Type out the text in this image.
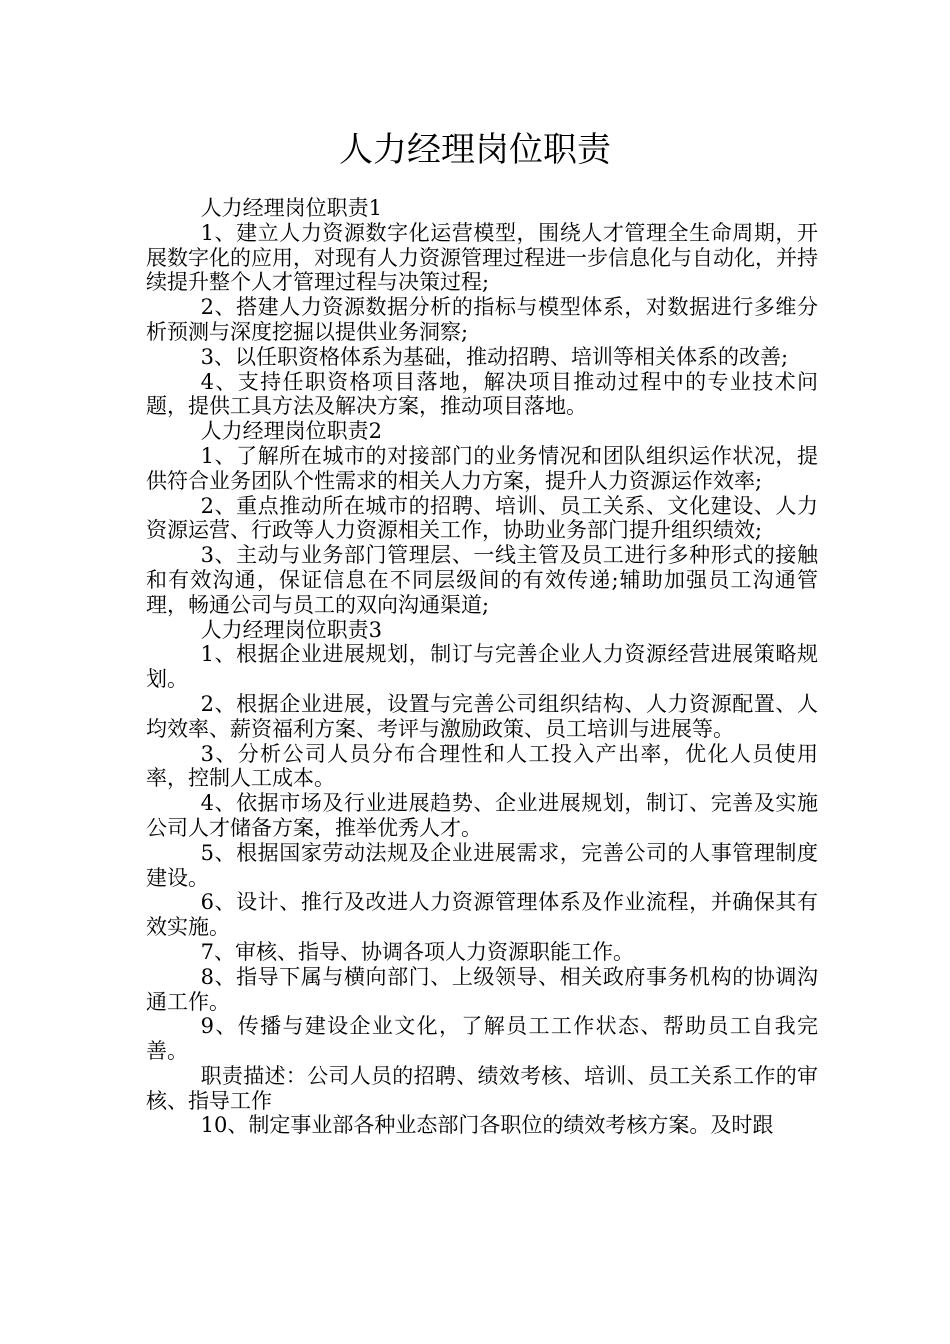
人力经理岗位职责

人力经理岗位职责1

1、建立人力资源数字化运营模型，围绕人才管理全生命周期，开展数字化的应用，对现有人力资源管理过程进一步信息化与自动化，并持续提升整个人才管理过程与决策过程;

2、搭建人力资源数据分析的指标与模型体系，对数据进行多维分析预测与深度挖掘以提供业务洞察;

3、以任职资格体系为基础，推动招聘、培训等相关体系的改善;

4、支持任职资格项目落地，解决项目推动过程中的专业技术问题，提供工具方法及解决方案，推动项目落地。

人力经理岗位职责2

1、了解所在城市的对接部门的业务情况和团队组织运作状况，提供符合业务团队个性需求的相关人力方案，提升人力资源运作效率;

2、重点推动所在城市的招聘、培训、员工关系、文化建设、人力资源运营、行政等人力资源相关工作，协助业务部门提升组织绩效;

3、主动与业务部门管理层、一线主管及员工进行多种形式的接触和有效沟通，保证信息在不同层级间的有效传递;辅助加强员工沟通管理，畅通公司与员工的双向沟通渠道;

人力经理岗位职责3

1、根据企业进展规划，制订与完善企业人力资源经营进展策略规划。

2、根据企业进展，设置与完善公司组织结构、人力资源配置、人均效率、薪资福利方案、考评与激励政策、员工培训与进展等。

3、分析公司人员分布合理性和人工投入产出率，优化人员使用率，控制人工成本。

4、依据市场及行业进展趋势、企业进展规划，制订、完善及实施公司人才储备方案，推举优秀人才。

5、根据国家劳动法规及企业进展需求，完善公司的人事管理制度建设。

6、设计、推行及改进人力资源管理体系及作业流程，并确保其有效实施。

7、审核、指导、协调各项人力资源职能工作。

8、指导下属与横向部门、上级领导、相关政府事务机构的协调沟通工作。

9、传播与建设企业文化，了解员工工作状态、帮助员工自我完善。

职责描述：公司人员的招聘、绩效考核、培训、员工关系工作的审核、指导工作

10、制定事业部各种业态部门各职位的绩效考核方案。及时跟
